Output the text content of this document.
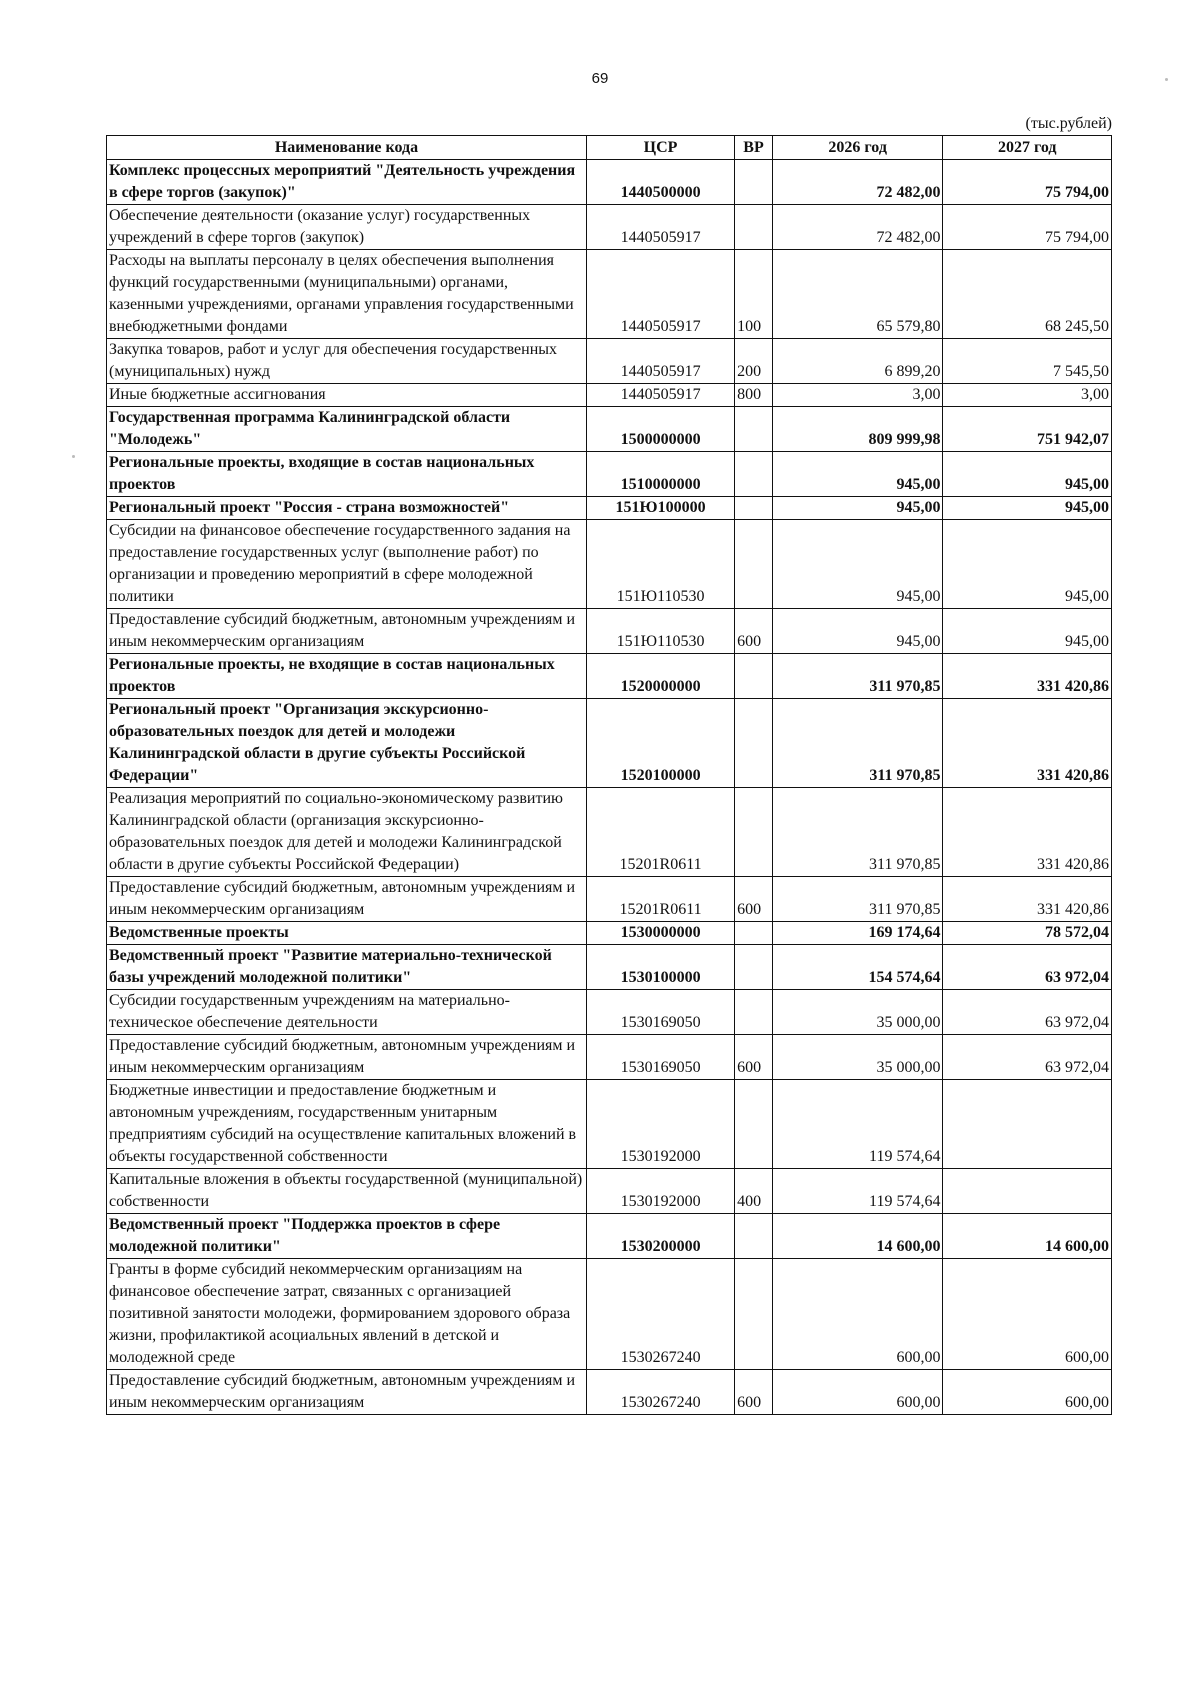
69
(тыс.рублей)
Наименование кода	ЦСР	ВР	2026 год	2027 год
Комплекс процессных мероприятий "Деятельность учреждения в сфере торгов (закупок)"	1440500000		72 482,00	75 794,00
Обеспечение деятельности (оказание услуг) государственных учреждений в сфере торгов (закупок)	1440505917		72 482,00	75 794,00
Расходы на выплаты персоналу в целях обеспечения выполнения функций государственными (муниципальными) органами, казенными учреждениями, органами управления государственными внебюджетными фондами	1440505917	100	65 579,80	68 245,50
Закупка товаров, работ и услуг для обеспечения государственных (муниципальных) нужд	1440505917	200	6 899,20	7 545,50
Иные бюджетные ассигнования	1440505917	800	3,00	3,00
Государственная программа Калининградской области "Молодежь"	1500000000		809 999,98	751 942,07
Региональные проекты, входящие в состав национальных проектов	1510000000		945,00	945,00
Региональный проект "Россия - страна возможностей"	151Ю100000		945,00	945,00
Субсидии на финансовое обеспечение государственного задания на предоставление государственных услуг (выполнение работ) по организации и проведению мероприятий в сфере молодежной политики	151Ю110530		945,00	945,00
Предоставление субсидий бюджетным, автономным учреждениям и иным некоммерческим организациям	151Ю110530	600	945,00	945,00
Региональные проекты, не входящие в состав национальных проектов	1520000000		311 970,85	331 420,86
Региональный проект "Организация экскурсионно-образовательных поездок для детей и молодежи Калининградской области в другие субъекты Российской Федерации"	1520100000		311 970,85	331 420,86
Реализация мероприятий по социально-экономическому развитию Калининградской области (организация экскурсионно-образовательных поездок для детей и молодежи Калининградской области в другие субъекты Российской Федерации)	15201R0611		311 970,85	331 420,86
Предоставление субсидий бюджетным, автономным учреждениям и иным некоммерческим организациям	15201R0611	600	311 970,85	331 420,86
Ведомственные проекты	1530000000		169 174,64	78 572,04
Ведомственный проект "Развитие материально-технической базы учреждений молодежной политики"	1530100000		154 574,64	63 972,04
Субсидии государственным учреждениям на материально-техническое обеспечение деятельности	1530169050		35 000,00	63 972,04
Предоставление субсидий бюджетным, автономным учреждениям и иным некоммерческим организациям	1530169050	600	35 000,00	63 972,04
Бюджетные инвестиции и предоставление бюджетным и автономным учреждениям, государственным унитарным предприятиям субсидий на осуществление капитальных вложений в объекты государственной собственности	1530192000		119 574,64	
Капитальные вложения в объекты государственной (муниципальной) собственности	1530192000	400	119 574,64	
Ведомственный проект "Поддержка проектов в сфере молодежной политики"	1530200000		14 600,00	14 600,00
Гранты в форме субсидий некоммерческим организациям на финансовое обеспечение затрат, связанных с организацией позитивной занятости молодежи, формированием здорового образа жизни, профилактикой асоциальных явлений в детской и молодежной среде	1530267240		600,00	600,00
Предоставление субсидий бюджетным, автономным учреждениям и иным некоммерческим организациям	1530267240	600	600,00	600,00
